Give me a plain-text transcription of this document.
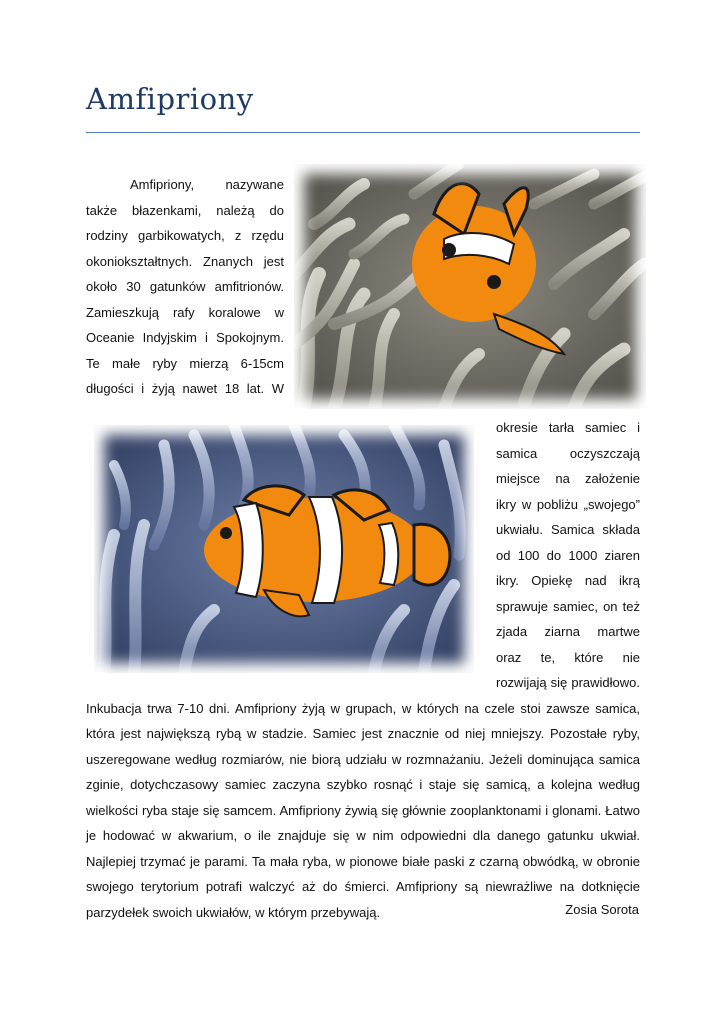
Amfipriony

Amfipriony, nazywane także błazenkami, należą do rodziny garbikowatych, z rzędu okoniokształtnych. Znanych jest około 30 gatunków amfitrionów. Zamieszkują rafy koralowe w Oceanie Indyjskim i Spokojnym. Te małe ryby mierzą 6-15cm długości i żyją nawet 18 lat. W okresie tarła samiec i samica oczyszczają miejsce na założenie ikry w pobliżu „swojego” ukwiału. Samica składa od 100 do 1000 ziaren ikry. Opiekę nad ikrą sprawuje samiec, on też zjada ziarna martwe oraz te, które nie rozwijają się prawidłowo. Inkubacja trwa 7-10 dni. Amfipriony żyją w grupach, w których na czele stoi zawsze samica, która jest największą rybą w stadzie. Samiec jest znacznie od niej mniejszy. Pozostałe ryby, uszeregowane według rozmiarów, nie biorą udziału w rozmnażaniu. Jeżeli dominująca samica zginie, dotychczasowy samiec zaczyna szybko rosnąć i staje się samicą, a kolejna według wielkości ryba staje się samcem. Amfipriony żywią się głównie zooplanktonami i glonami. Łatwo je hodować w akwarium, o ile znajduje się w nim odpowiedni dla danego gatunku ukwiał. Najlepiej trzymać je parami. Ta mała ryba, w pionowe białe paski z czarną obwódką, w obronie swojego terytorium potrafi walczyć aż do śmierci. Amfipriony są niewrażliwe na dotknięcie parzydełek swoich ukwiałów, w którym przebywają.	Zosia Sorota
